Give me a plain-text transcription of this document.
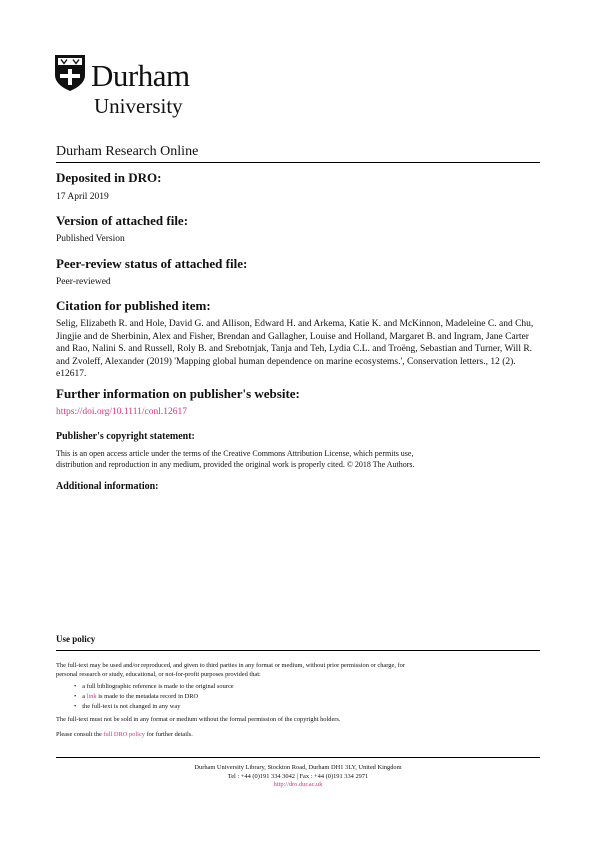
Durham
University
Durham Research Online
Deposited in DRO:
17 April 2019
Version of attached file:
Published Version
Peer-review status of attached file:
Peer-reviewed
Citation for published item:
Selig, Elizabeth R. and Hole, David G. and Allison, Edward H. and Arkema, Katie K. and McKinnon, Madeleine C. and Chu, Jingjie and de Sherbinin, Alex and Fisher, Brendan and Gallagher, Louise and Holland, Margaret B. and Ingram, Jane Carter and Rao, Nalini S. and Russell, Roly B. and Srebotnjak, Tanja and Teh, Lydia C.L. and Troëng, Sebastian and Turner, Will R. and Zvoleff, Alexander (2019) 'Mapping global human dependence on marine ecosystems.', Conservation letters., 12 (2). e12617.
Further information on publisher's website:
https://doi.org/10.1111/conl.12617
Publisher's copyright statement:
This is an open access article under the terms of the Creative Commons Attribution License, which permits use,
distribution and reproduction in any medium, provided the original work is properly cited. © 2018 The Authors.
Additional information:
Use policy
The full-text may be used and/or reproduced, and given to third parties in any format or medium, without prior permission or charge, for
personal research or study, educational, or not-for-profit purposes provided that:
• a full bibliographic reference is made to the original source
• a link is made to the metadata record in DRO
• the full-text is not changed in any way
The full-text must not be sold in any format or medium without the formal permission of the copyright holders.
Please consult the full DRO policy for further details.
Durham University Library, Stockton Road, Durham DH1 3LY, United Kingdom
Tel : +44 (0)191 334 3042 | Fax : +44 (0)191 334 2971
http://dro.dur.ac.uk
